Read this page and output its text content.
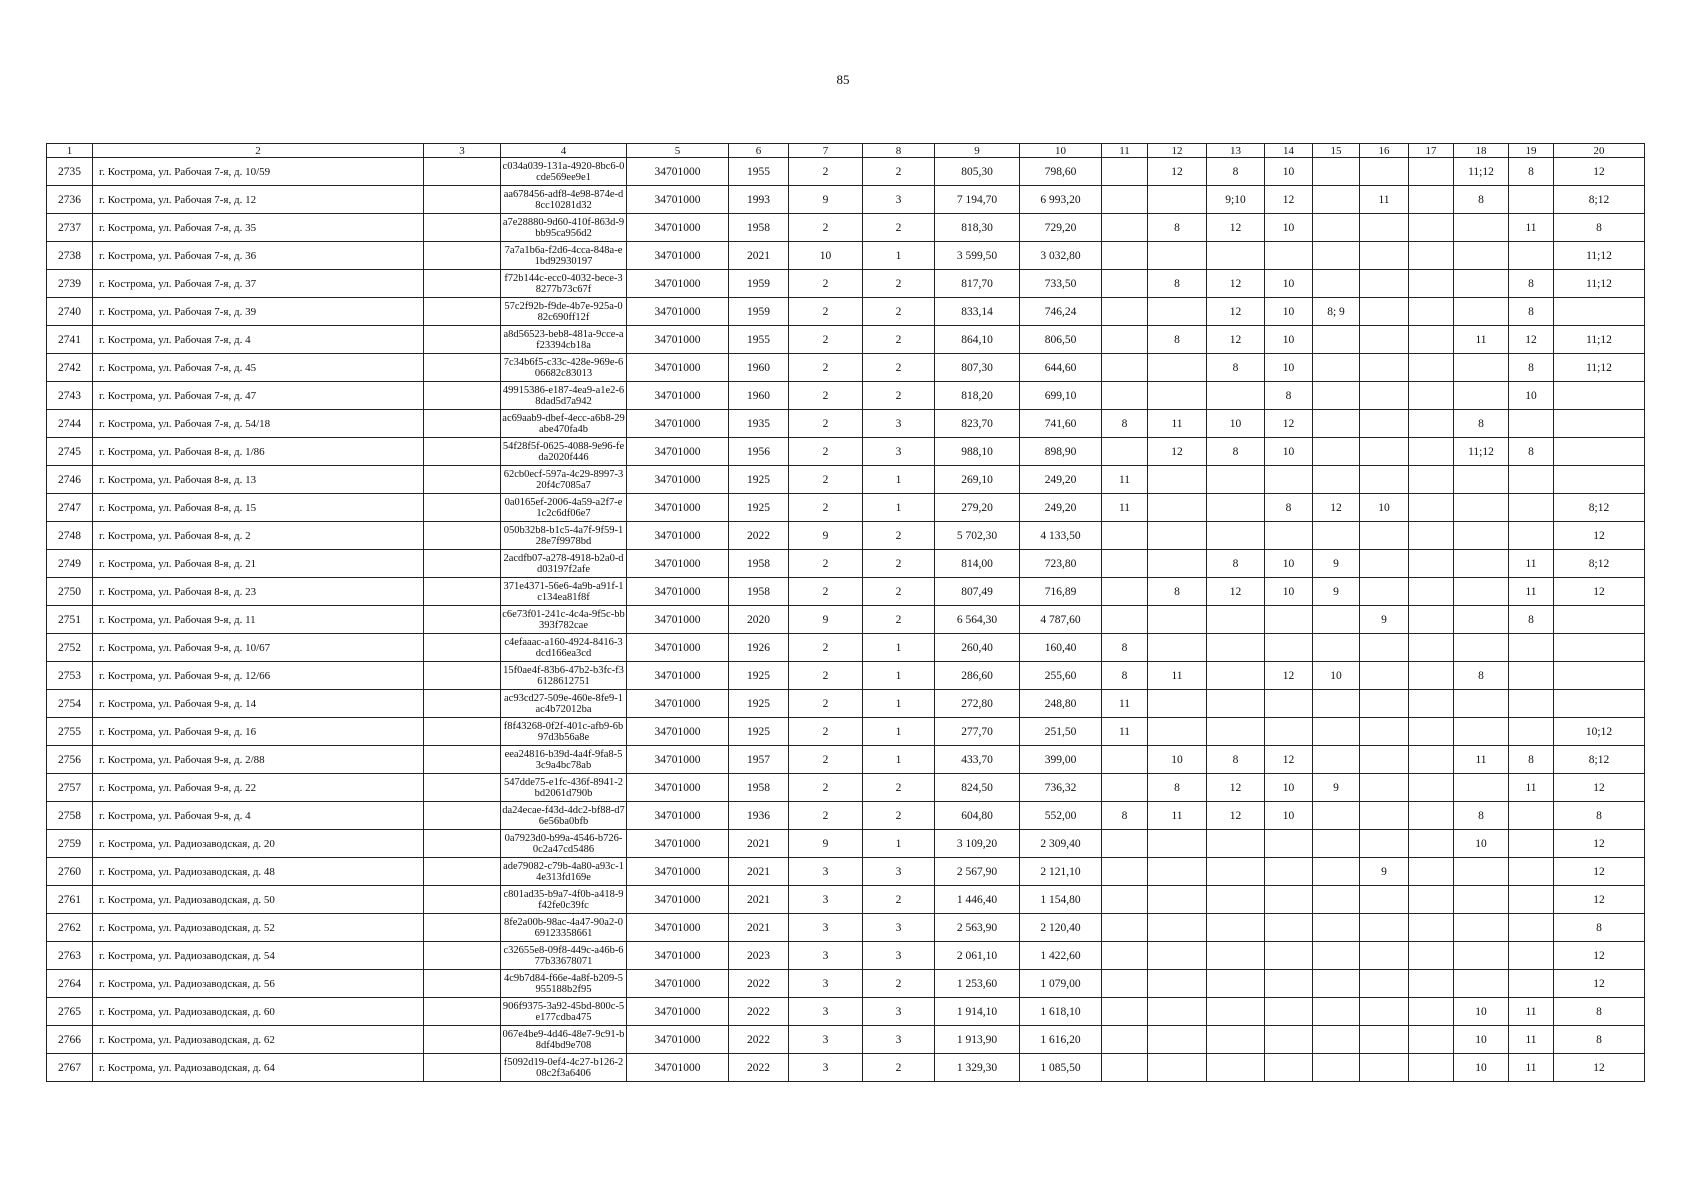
85
1	2	3	4	5	6	7	8	9	10	11	12	13	14	15	16	17	18	19	20
2735	г. Кострома, ул. Рабочая 7-я, д. 10/59		c034a039-131a-4920-8bc6-0cde569ee9e1	34701000	1955	2	2	805,30	798,60		12	8	10				11;12	8	12
2736	г. Кострома, ул. Рабочая 7-я, д. 12		aa678456-adf8-4e98-874e-d8cc10281d32	34701000	1993	9	3	7 194,70	6 993,20			9;10	12		11		8		8;12
2737	г. Кострома, ул. Рабочая 7-я, д. 35		a7e28880-9d60-410f-863d-9bb95ca956d2	34701000	1958	2	2	818,30	729,20		8	12	10					11	8
2738	г. Кострома, ул. Рабочая 7-я, д. 36		7a7a1b6a-f2d6-4cca-848a-e1bd92930197	34701000	2021	10	1	3 599,50	3 032,80										11;12
2739	г. Кострома, ул. Рабочая 7-я, д. 37		f72b144c-ecc0-4032-bece-38277b73c67f	34701000	1959	2	2	817,70	733,50		8	12	10					8	11;12
2740	г. Кострома, ул. Рабочая 7-я, д. 39		57c2f92b-f9de-4b7e-925a-082c690ff12f	34701000	1959	2	2	833,14	746,24			12	10	8; 9				8	
2741	г. Кострома, ул. Рабочая 7-я, д. 4		a8d56523-beb8-481a-9cce-af23394cb18a	34701000	1955	2	2	864,10	806,50		8	12	10				11	12	11;12
2742	г. Кострома, ул. Рабочая 7-я, д. 45		7c34b6f5-c33c-428e-969e-606682c83013	34701000	1960	2	2	807,30	644,60			8	10					8	11;12
2743	г. Кострома, ул. Рабочая 7-я, д. 47		49915386-e187-4ea9-a1e2-68dad5d7a942	34701000	1960	2	2	818,20	699,10				8					10	
2744	г. Кострома, ул. Рабочая 7-я, д. 54/18		ac69aab9-dbef-4ecc-a6b8-29abe470fa4b	34701000	1935	2	3	823,70	741,60	8	11	10	12				8		
2745	г. Кострома, ул. Рабочая 8-я, д. 1/86		54f28f5f-0625-4088-9e96-feda2020f446	34701000	1956	2	3	988,10	898,90		12	8	10				11;12	8	
2746	г. Кострома, ул. Рабочая 8-я, д. 13		62cb0ecf-597a-4c29-8997-320f4c7085a7	34701000	1925	2	1	269,10	249,20	11									
2747	г. Кострома, ул. Рабочая 8-я, д. 15		0a0165ef-2006-4a59-a2f7-e1c2c6df06e7	34701000	1925	2	1	279,20	249,20	11			8	12	10				8;12
2748	г. Кострома, ул. Рабочая 8-я, д. 2		050b32b8-b1c5-4a7f-9f59-128e7f9978bd	34701000	2022	9	2	5 702,30	4 133,50										12
2749	г. Кострома, ул. Рабочая 8-я, д. 21		2acdfb07-a278-4918-b2a0-dd03197f2afe	34701000	1958	2	2	814,00	723,80			8	10	9				11	8;12
2750	г. Кострома, ул. Рабочая 8-я, д. 23		371e4371-56e6-4a9b-a91f-1c134ea81f8f	34701000	1958	2	2	807,49	716,89		8	12	10	9				11	12
2751	г. Кострома, ул. Рабочая 9-я, д. 11		c6e73f01-241c-4c4a-9f5c-bb393f782cae	34701000	2020	9	2	6 564,30	4 787,60						9			8	
2752	г. Кострома, ул. Рабочая 9-я, д. 10/67		c4efaaac-a160-4924-8416-3dcd166ea3cd	34701000	1926	2	1	260,40	160,40	8									
2753	г. Кострома, ул. Рабочая 9-я, д. 12/66		15f0ae4f-83b6-47b2-b3fc-f36128612751	34701000	1925	2	1	286,60	255,60	8	11		12	10			8		
2754	г. Кострома, ул. Рабочая 9-я, д. 14		ac93cd27-509e-460e-8fe9-1ac4b72012ba	34701000	1925	2	1	272,80	248,80	11									
2755	г. Кострома, ул. Рабочая 9-я, д. 16		f8f43268-0f2f-401c-afb9-6b97d3b56a8e	34701000	1925	2	1	277,70	251,50	11									10;12
2756	г. Кострома, ул. Рабочая 9-я, д. 2/88		eea24816-b39d-4a4f-9fa8-53c9a4bc78ab	34701000	1957	2	1	433,70	399,00		10	8	12				11	8	8;12
2757	г. Кострома, ул. Рабочая 9-я, д. 22		547dde75-e1fc-436f-8941-2bd2061d790b	34701000	1958	2	2	824,50	736,32		8	12	10	9				11	12
2758	г. Кострома, ул. Рабочая 9-я, д. 4		da24ecae-f43d-4dc2-bf88-d76e56ba0bfb	34701000	1936	2	2	604,80	552,00	8	11	12	10				8		8
2759	г. Кострома, ул. Радиозаводская, д. 20		0a7923d0-b99a-4546-b726-0c2a47cd5486	34701000	2021	9	1	3 109,20	2 309,40								10		12
2760	г. Кострома, ул. Радиозаводская, д. 48		ade79082-c79b-4a80-a93c-14e313fd169e	34701000	2021	3	3	2 567,90	2 121,10						9				12
2761	г. Кострома, ул. Радиозаводская, д. 50		c801ad35-b9a7-4f0b-a418-9f42fe0c39fc	34701000	2021	3	2	1 446,40	1 154,80										12
2762	г. Кострома, ул. Радиозаводская, д. 52		8fe2a00b-98ac-4a47-90a2-069123358661	34701000	2021	3	3	2 563,90	2 120,40										8
2763	г. Кострома, ул. Радиозаводская, д. 54		c32655e8-09f8-449c-a46b-677b33678071	34701000	2023	3	3	2 061,10	1 422,60										12
2764	г. Кострома, ул. Радиозаводская, д. 56		4c9b7d84-f66e-4a8f-b209-5955188b2f95	34701000	2022	3	2	1 253,60	1 079,00										12
2765	г. Кострома, ул. Радиозаводская, д. 60		906f9375-3a92-45bd-800c-5e177cdba475	34701000	2022	3	3	1 914,10	1 618,10								10	11	8
2766	г. Кострома, ул. Радиозаводская, д. 62		067e4be9-4d46-48e7-9c91-b8df4bd9e708	34701000	2022	3	3	1 913,90	1 616,20								10	11	8
2767	г. Кострома, ул. Радиозаводская, д. 64		f5092d19-0ef4-4c27-b126-208c2f3a6406	34701000	2022	3	2	1 329,30	1 085,50								10	11	12
